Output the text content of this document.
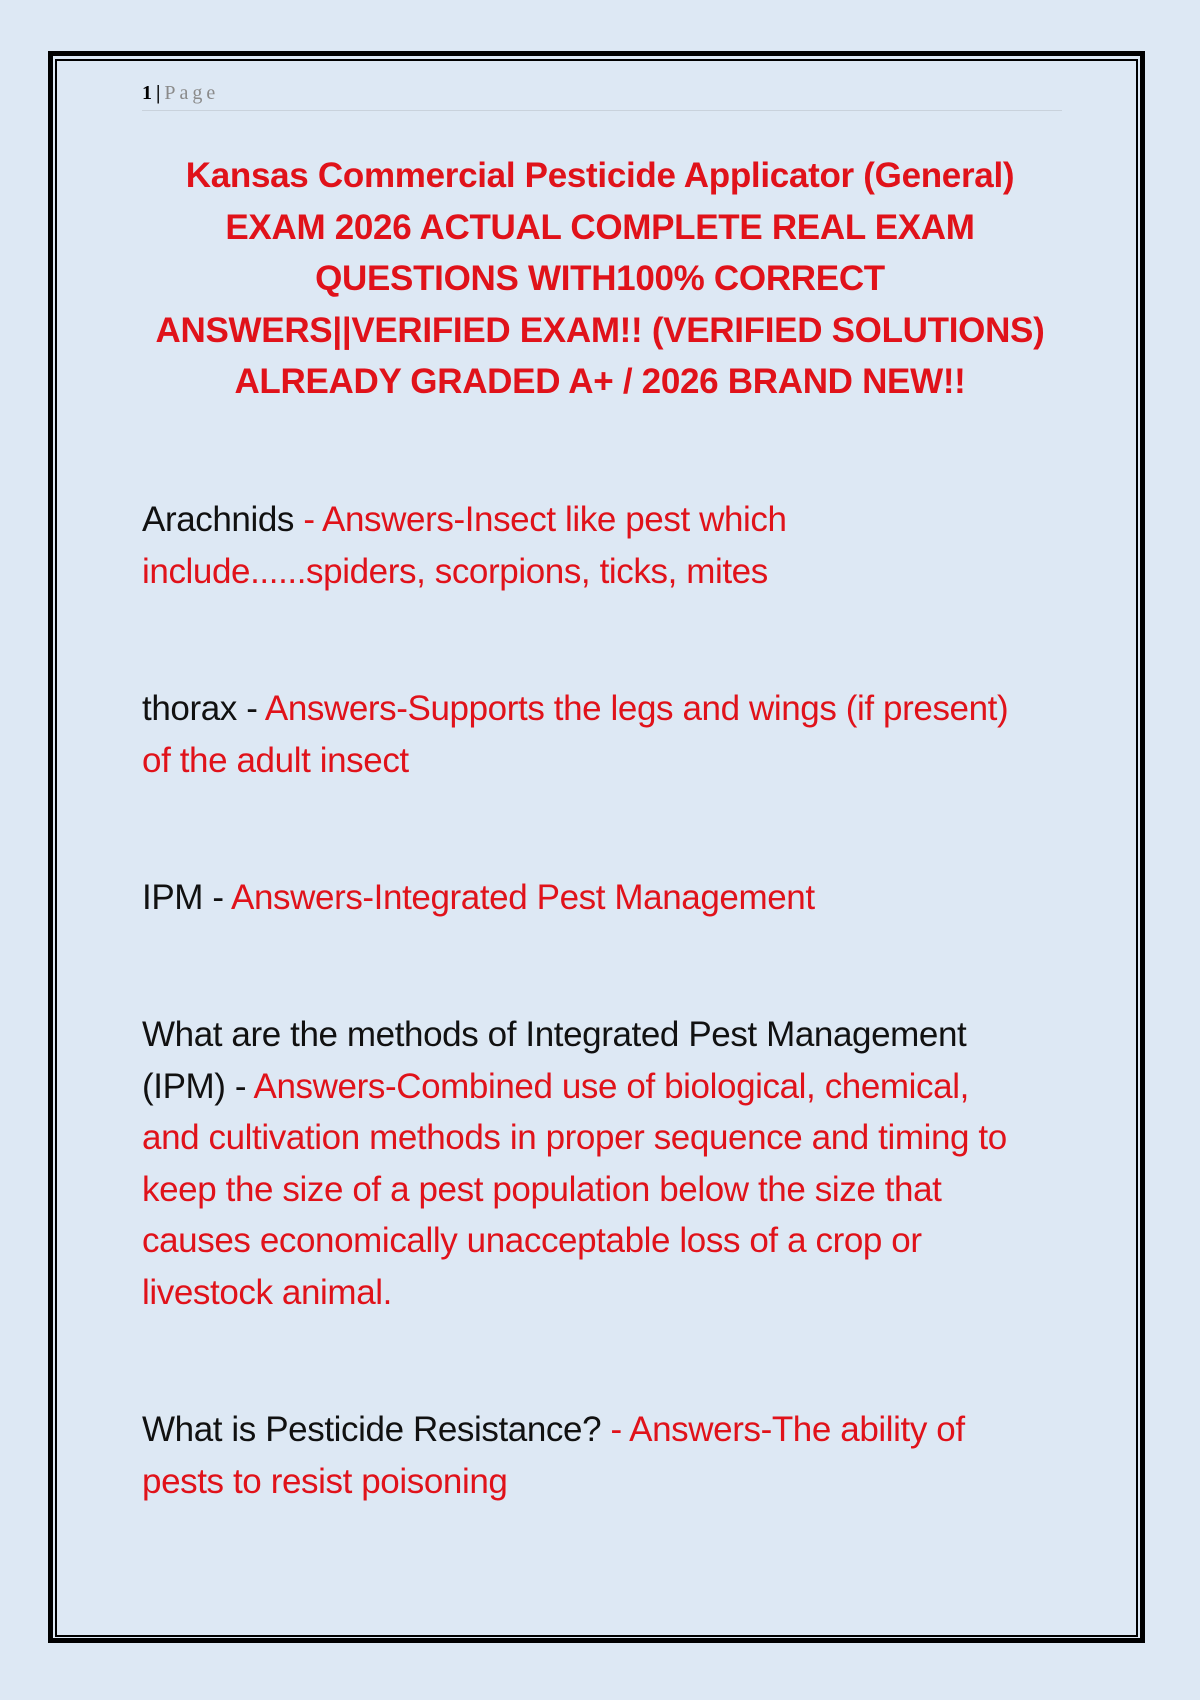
1 | Page
Kansas Commercial Pesticide Applicator (General)
EXAM 2026 ACTUAL COMPLETE REAL EXAM
QUESTIONS WITH100% CORRECT
ANSWERS||VERIFIED EXAM!! (VERIFIED SOLUTIONS)
ALREADY GRADED A+ / 2026 BRAND NEW!!
Arachnids - Answers-Insect like pest which
include......spiders, scorpions, ticks, mites
thorax - Answers-Supports the legs and wings (if present)
of the adult insect
IPM - Answers-Integrated Pest Management
What are the methods of Integrated Pest Management
(IPM) - Answers-Combined use of biological, chemical,
and cultivation methods in proper sequence and timing to
keep the size of a pest population below the size that
causes economically unacceptable loss of a crop or
livestock animal.
What is Pesticide Resistance? - Answers-The ability of
pests to resist poisoning
